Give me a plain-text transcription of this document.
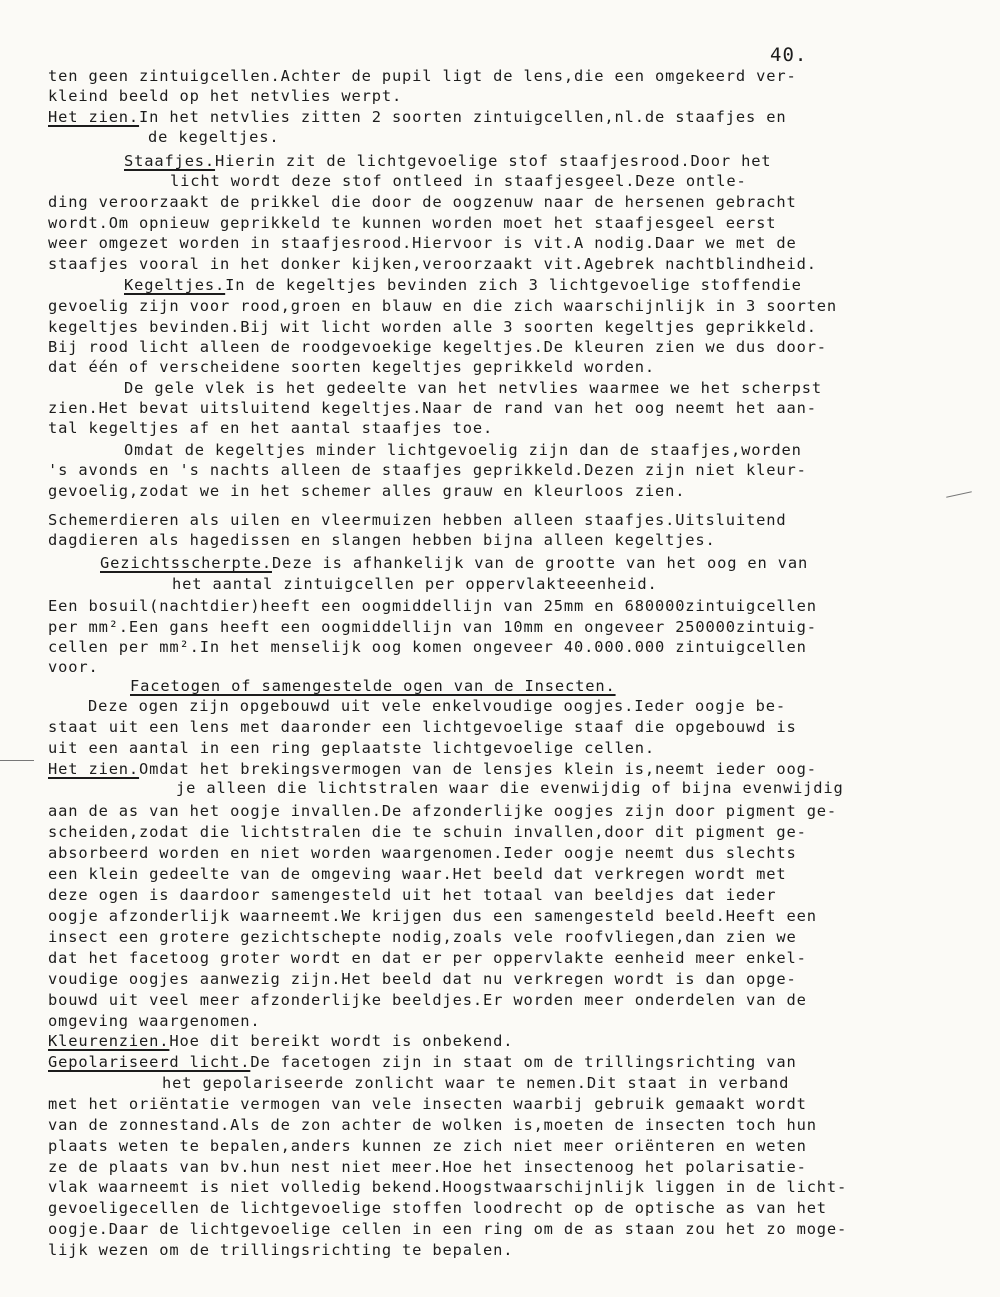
40.
ten geen zintuigcellen.Achter de pupil ligt de lens,die een omgekeerd ver-
kleind beeld op het netvlies werpt.
Het zien.In het netvlies zitten 2 soorten zintuigcellen,nl.de staafjes en
de kegeltjes.
Staafjes.Hierin zit de lichtgevoelige stof staafjesrood.Door het
licht wordt deze stof ontleed in staafjesgeel.Deze ontle-
ding veroorzaakt de prikkel die door de oogzenuw naar de hersenen gebracht
wordt.Om opnieuw geprikkeld te kunnen worden moet het staafjesgeel eerst
weer omgezet worden in staafjesrood.Hiervoor is vit.A nodig.Daar we met de
staafjes vooral in het donker kijken,veroorzaakt vit.Agebrek nachtblindheid.
Kegeltjes.In de kegeltjes bevinden zich 3 lichtgevoelige stoffendie
gevoelig zijn voor rood,groen en blauw en die zich waarschijnlijk in 3 soorten
kegeltjes bevinden.Bij wit licht worden alle 3 soorten kegeltjes geprikkeld.
Bij rood licht alleen de roodgevoekige kegeltjes.De kleuren zien we dus door-
dat één of verscheidene soorten kegeltjes geprikkeld worden.
De gele vlek is het gedeelte van het netvlies waarmee we het scherpst
zien.Het bevat uitsluitend kegeltjes.Naar de rand van het oog neemt het aan-
tal kegeltjes af en het aantal staafjes toe.
Omdat de kegeltjes minder lichtgevoelig zijn dan de staafjes,worden
's avonds en 's nachts alleen de staafjes geprikkeld.Dezen zijn niet kleur-
gevoelig,zodat we in het schemer alles grauw en kleurloos zien.
Schemerdieren als uilen en vleermuizen hebben alleen staafjes.Uitsluitend
dagdieren als hagedissen en slangen hebben bijna alleen kegeltjes.
Gezichtsscherpte.Deze is afhankelijk van de grootte van het oog en van
het aantal zintuigcellen per oppervlakteeenheid.
Een bosuil(nachtdier)heeft een oogmiddellijn van 25mm en 680000zintuigcellen
per mm².Een gans heeft een oogmiddellijn van 10mm en ongeveer 250000zintuig-
cellen per mm².In het menselijk oog komen ongeveer 40.000.000 zintuigcellen
voor.
Facetogen of samengestelde ogen van de Insecten.
Deze ogen zijn opgebouwd uit vele enkelvoudige oogjes.Ieder oogje be-
staat uit een lens met daaronder een lichtgevoelige staaf die opgebouwd is
uit een aantal in een ring geplaatste lichtgevoelige cellen.
Het zien.Omdat het brekingsvermogen van de lensjes klein is,neemt ieder oog-
je alleen die lichtstralen waar die evenwijdig of bijna evenwijdig
aan de as van het oogje invallen.De afzonderlijke oogjes zijn door pigment ge-
scheiden,zodat die lichtstralen die te schuin invallen,door dit pigment ge-
absorbeerd worden en niet worden waargenomen.Ieder oogje neemt dus slechts
een klein gedeelte van de omgeving waar.Het beeld dat verkregen wordt met
deze ogen is daardoor samengesteld uit het totaal van beeldjes dat ieder
oogje afzonderlijk waarneemt.We krijgen dus een samengesteld beeld.Heeft een
insect een grotere gezichtschepte nodig,zoals vele roofvliegen,dan zien we
dat het facetoog groter wordt en dat er per oppervlakte eenheid meer enkel-
voudige oogjes aanwezig zijn.Het beeld dat nu verkregen wordt is dan opge-
bouwd uit veel meer afzonderlijke beeldjes.Er worden meer onderdelen van de
omgeving waargenomen.
Kleurenzien.Hoe dit bereikt wordt is onbekend.
Gepolariseerd licht.De facetogen zijn in staat om de trillingsrichting van
het gepolariseerde zonlicht waar te nemen.Dit staat in verband
met het oriëntatie vermogen van vele insecten waarbij gebruik gemaakt wordt
van de zonnestand.Als de zon achter de wolken is,moeten de insecten toch hun
plaats weten te bepalen,anders kunnen ze zich niet meer oriënteren en weten
ze de plaats van bv.hun nest niet meer.Hoe het insectenoog het polarisatie-
vlak waarneemt is niet volledig bekend.Hoogstwaarschijnlijk liggen in de licht-
gevoeligecellen de lichtgevoelige stoffen loodrecht op de optische as van het
oogje.Daar de lichtgevoelige cellen in een ring om de as staan zou het zo moge-
lijk wezen om de trillingsrichting te bepalen.
